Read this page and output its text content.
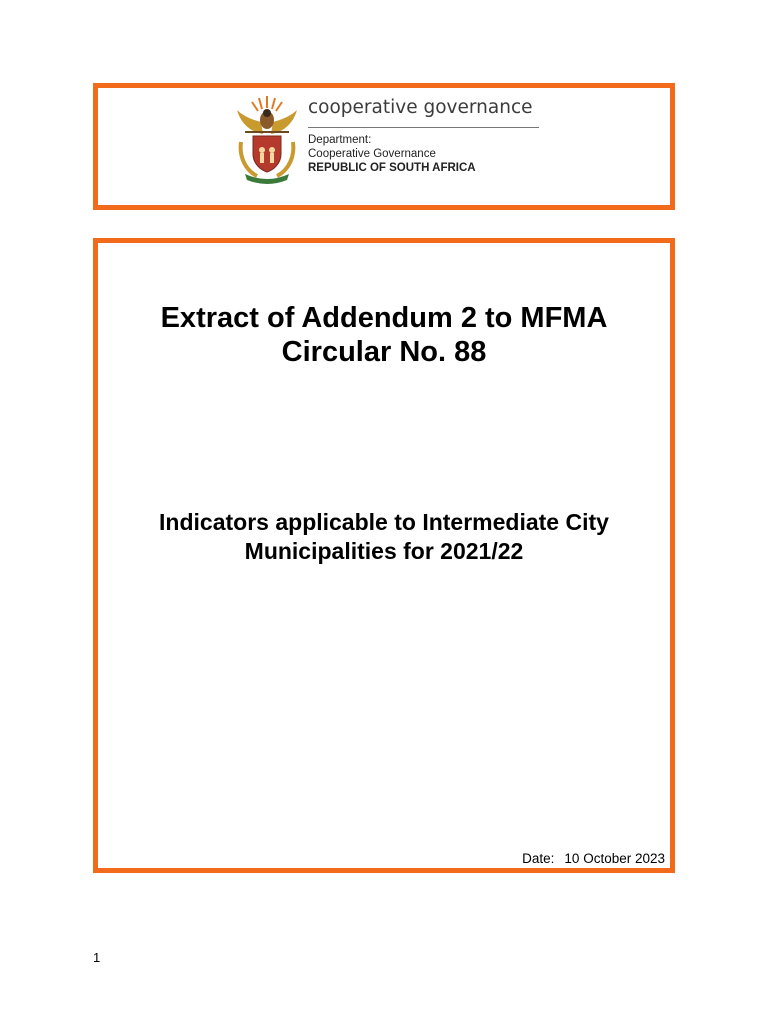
cooperative governance
Department:
Cooperative Governance
REPUBLIC OF SOUTH AFRICA
Extract of Addendum 2 to MFMA
Circular No. 88
Indicators applicable to Intermediate City
Municipalities for 2021/22
Date: 10 October 2023
1
